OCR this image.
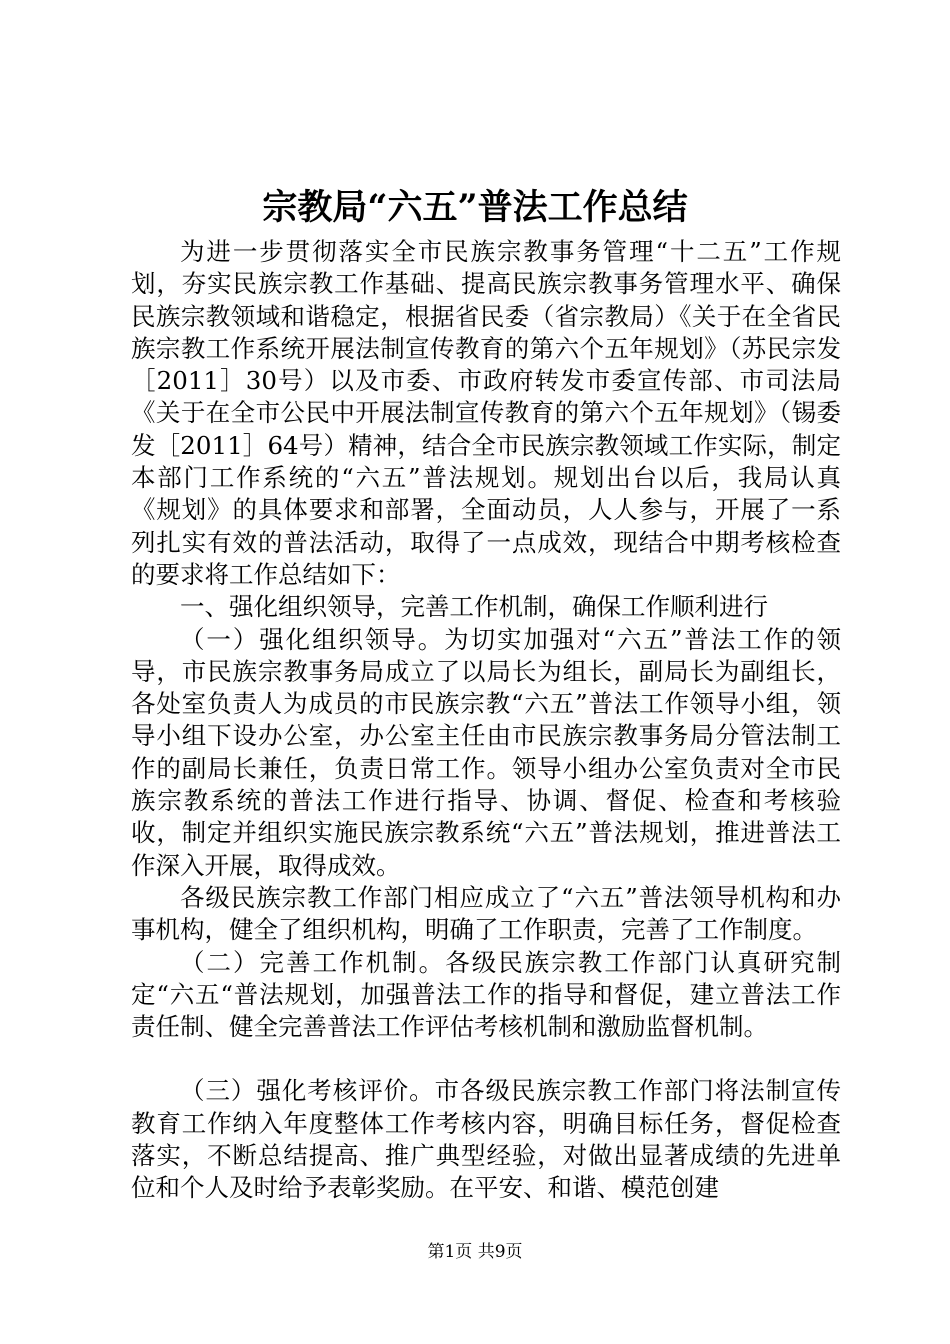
宗教局“六五”普法工作总结

为进一步贯彻落实全市民族宗教事务管理“十二五”工作规划，夯实民族宗教工作基础、提高民族宗教事务管理水平、确保民族宗教领域和谐稳定，根据省民委（省宗教局）《关于在全省民族宗教工作系统开展法制宣传教育的第六个五年规划》（苏民宗发［2011］30号）以及市委、市政府转发市委宣传部、市司法局《关于在全市公民中开展法制宣传教育的第六个五年规划》（锡委发［2011］64号）精神，结合全市民族宗教领域工作实际，制定本部门工作系统的“六五”普法规划。规划出台以后，我局认真《规划》的具体要求和部署，全面动员，人人参与，开展了一系列扎实有效的普法活动，取得了一点成效，现结合中期考核检查的要求将工作总结如下：

一、强化组织领导，完善工作机制，确保工作顺利进行

（一）强化组织领导。为切实加强对“六五”普法工作的领导，市民族宗教事务局成立了以局长为组长，副局长为副组长，各处室负责人为成员的市民族宗教“六五”普法工作领导小组，领导小组下设办公室，办公室主任由市民族宗教事务局分管法制工作的副局长兼任，负责日常工作。领导小组办公室负责对全市民族宗教系统的普法工作进行指导、协调、督促、检查和考核验收，制定并组织实施民族宗教系统“六五”普法规划，推进普法工作深入开展，取得成效。

各级民族宗教工作部门相应成立了“六五”普法领导机构和办事机构，健全了组织机构，明确了工作职责，完善了工作制度。

（二）完善工作机制。各级民族宗教工作部门认真研究制定“六五“普法规划，加强普法工作的指导和督促，建立普法工作责任制、健全完善普法工作评估考核机制和激励监督机制。

（三）强化考核评价。市各级民族宗教工作部门将法制宣传教育工作纳入年度整体工作考核内容，明确目标任务，督促检查落实，不断总结提高、推广典型经验，对做出显著成绩的先进单位和个人及时给予表彰奖励。在平安、和谐、模范创建

第1页 共9页
